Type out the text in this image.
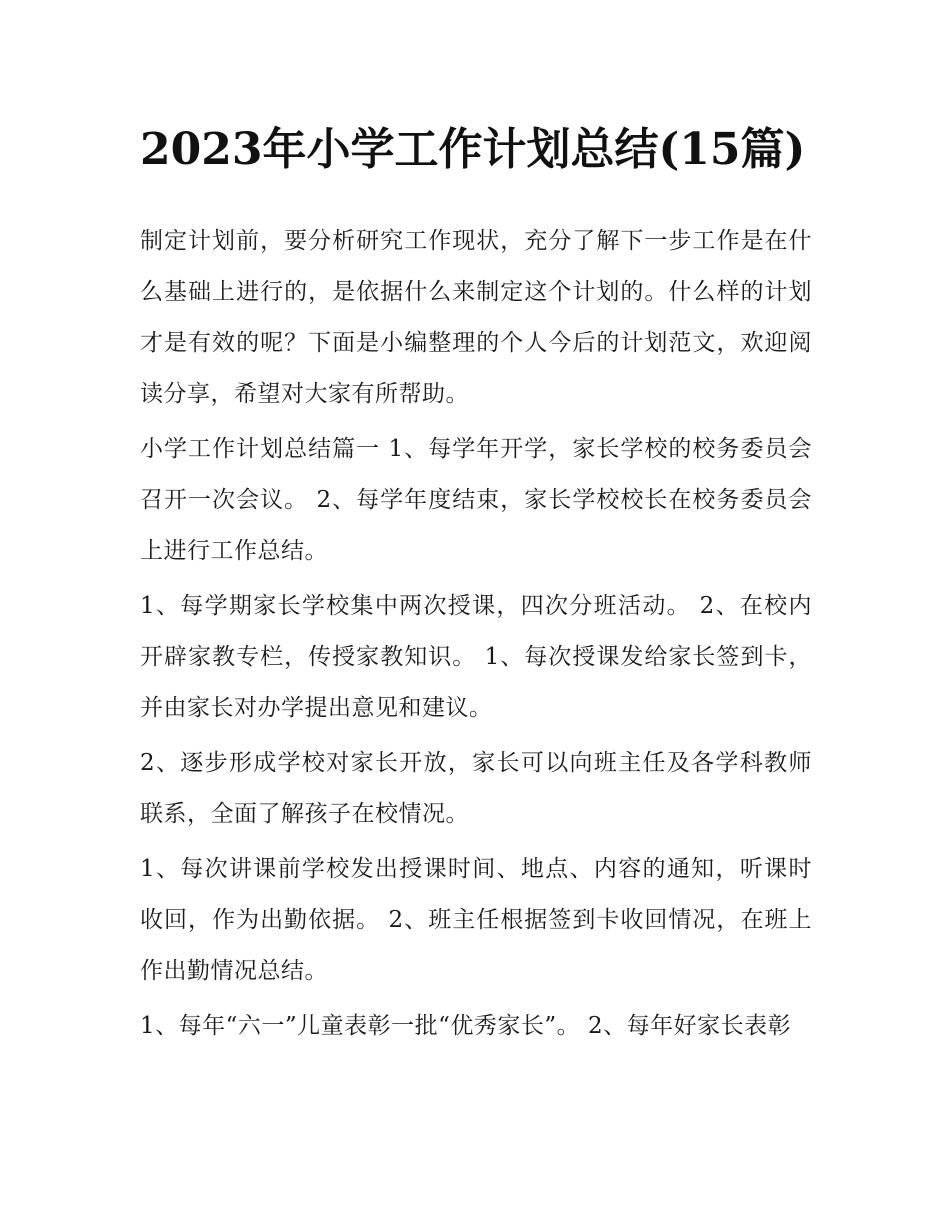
2023年小学工作计划总结(15篇)

制定计划前，要分析研究工作现状，充分了解下一步工作是在什么基础上进行的，是依据什么来制定这个计划的。什么样的计划才是有效的呢？下面是小编整理的个人今后的计划范文，欢迎阅读分享，希望对大家有所帮助。

小学工作计划总结篇一 1、每学年开学，家长学校的校务委员会召开一次会议。 2、每学年度结束，家长学校校长在校务委员会上进行工作总结。

1、每学期家长学校集中两次授课，四次分班活动。 2、在校内开辟家教专栏，传授家教知识。 1、每次授课发给家长签到卡，并由家长对办学提出意见和建议。

2、逐步形成学校对家长开放，家长可以向班主任及各学科教师联系，全面了解孩子在校情况。

1、每次讲课前学校发出授课时间、地点、内容的通知，听课时收回，作为出勤依据。 2、班主任根据签到卡收回情况，在班上作出勤情况总结。

1、每年“六一”儿童表彰一批“优秀家长”。 2、每年好家长表彰
